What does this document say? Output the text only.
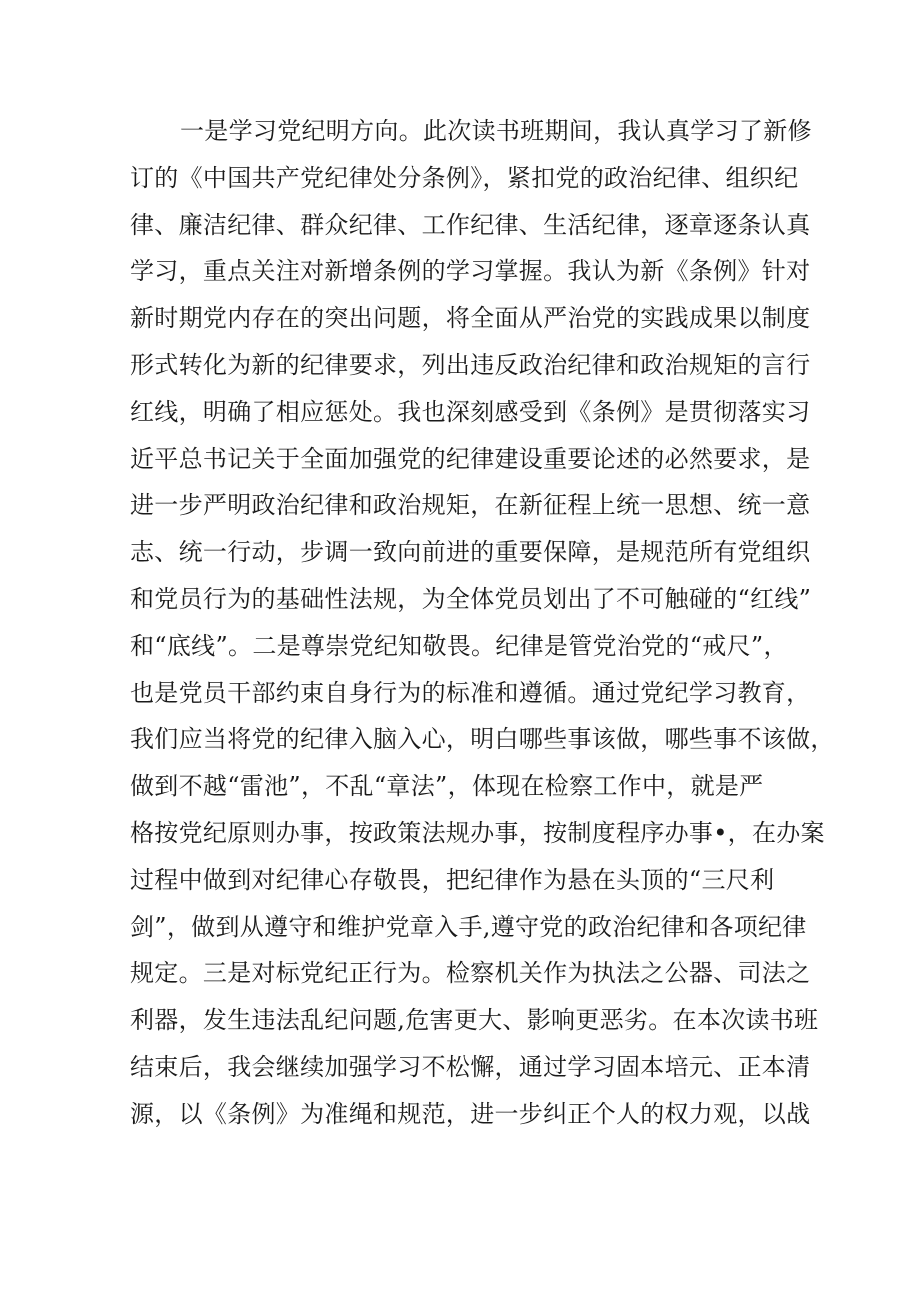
一是学习党纪明方向。此次读书班期间，我认真学习了新修
订的《中国共产党纪律处分条例》，紧扣党的政治纪律、组织纪
律、廉洁纪律、群众纪律、工作纪律、生活纪律，逐章逐条认真
学习，重点关注对新增条例的学习掌握。我认为新《条例》针对
新时期党内存在的突出问题，将全面从严治党的实践成果以制度
形式转化为新的纪律要求，列出违反政治纪律和政治规矩的言行
红线，明确了相应惩处。我也深刻感受到《条例》是贯彻落实习
近平总书记关于全面加强党的纪律建设重要论述的必然要求，是
进一步严明政治纪律和政治规矩，在新征程上统一思想、统一意
志、统一行动，步调一致向前进的重要保障，是规范所有党组织
和党员行为的基础性法规，为全体党员划出了不可触碰的“红线”
和“底线”。二是尊崇党纪知敬畏。纪律是管党治党的“戒尺”，
也是党员干部约束自身行为的标准和遵循。通过党纪学习教育，
我们应当将党的纪律入脑入心，明白哪些事该做，哪些事不该做，
做到不越“雷池”，不乱“章法”，体现在检察工作中，就是严
格按党纪原则办事，按政策法规办事，按制度程序办事•，在办案
过程中做到对纪律心存敬畏，把纪律作为悬在头顶的“三尺利
剑”，做到从遵守和维护党章入手,遵守党的政治纪律和各项纪律
规定。三是对标党纪正行为。检察机关作为执法之公器、司法之
利器，发生违法乱纪问题,危害更大、影响更恶劣。在本次读书班
结束后，我会继续加强学习不松懈，通过学习固本培元、正本清
源，以《条例》为准绳和规范，进一步纠正个人的权力观，以战
